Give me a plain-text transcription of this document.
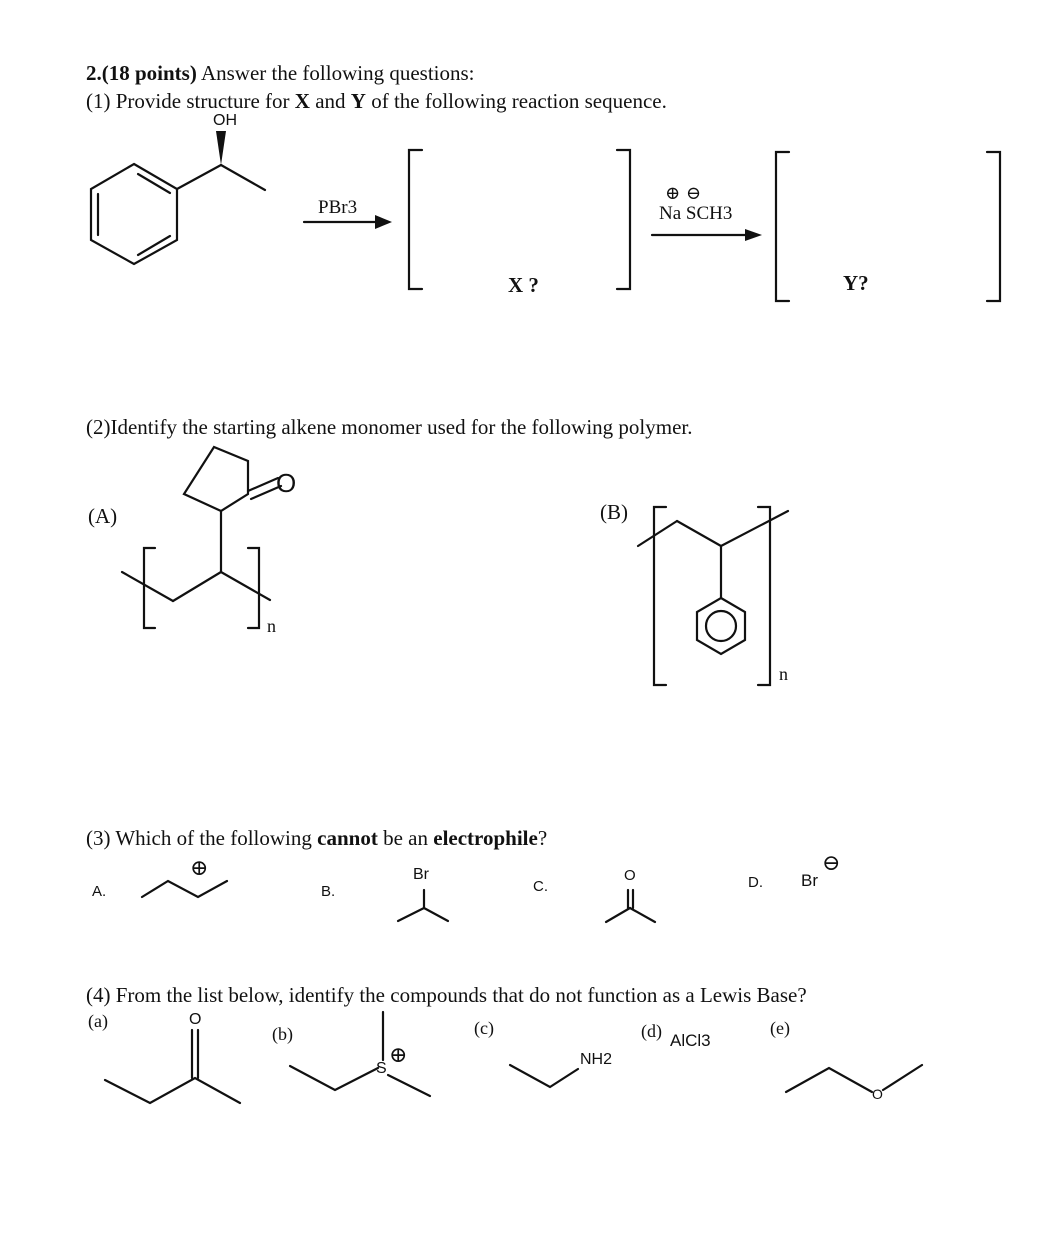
2.(18 points) Answer the following questions:
(1) Provide structure for X and Y of the following reaction sequence.
OH
PBr3
⊕ ⊖
Na SCH3
X ?	Y?
(2)Identify the starting alkene monomer used for the following polymer.
(A)	(B)
O
n
n
(3) Which of the following cannot be an electrophile?
A.	B.	C.	D.
⊕	Br	O	Br
⊖
(4) From the list below, identify the compounds that do not function as a Lewis Base?
(a)
(b)	(c)	(d)	(e)
O
S
⊕	NH2
AlCl3
O
